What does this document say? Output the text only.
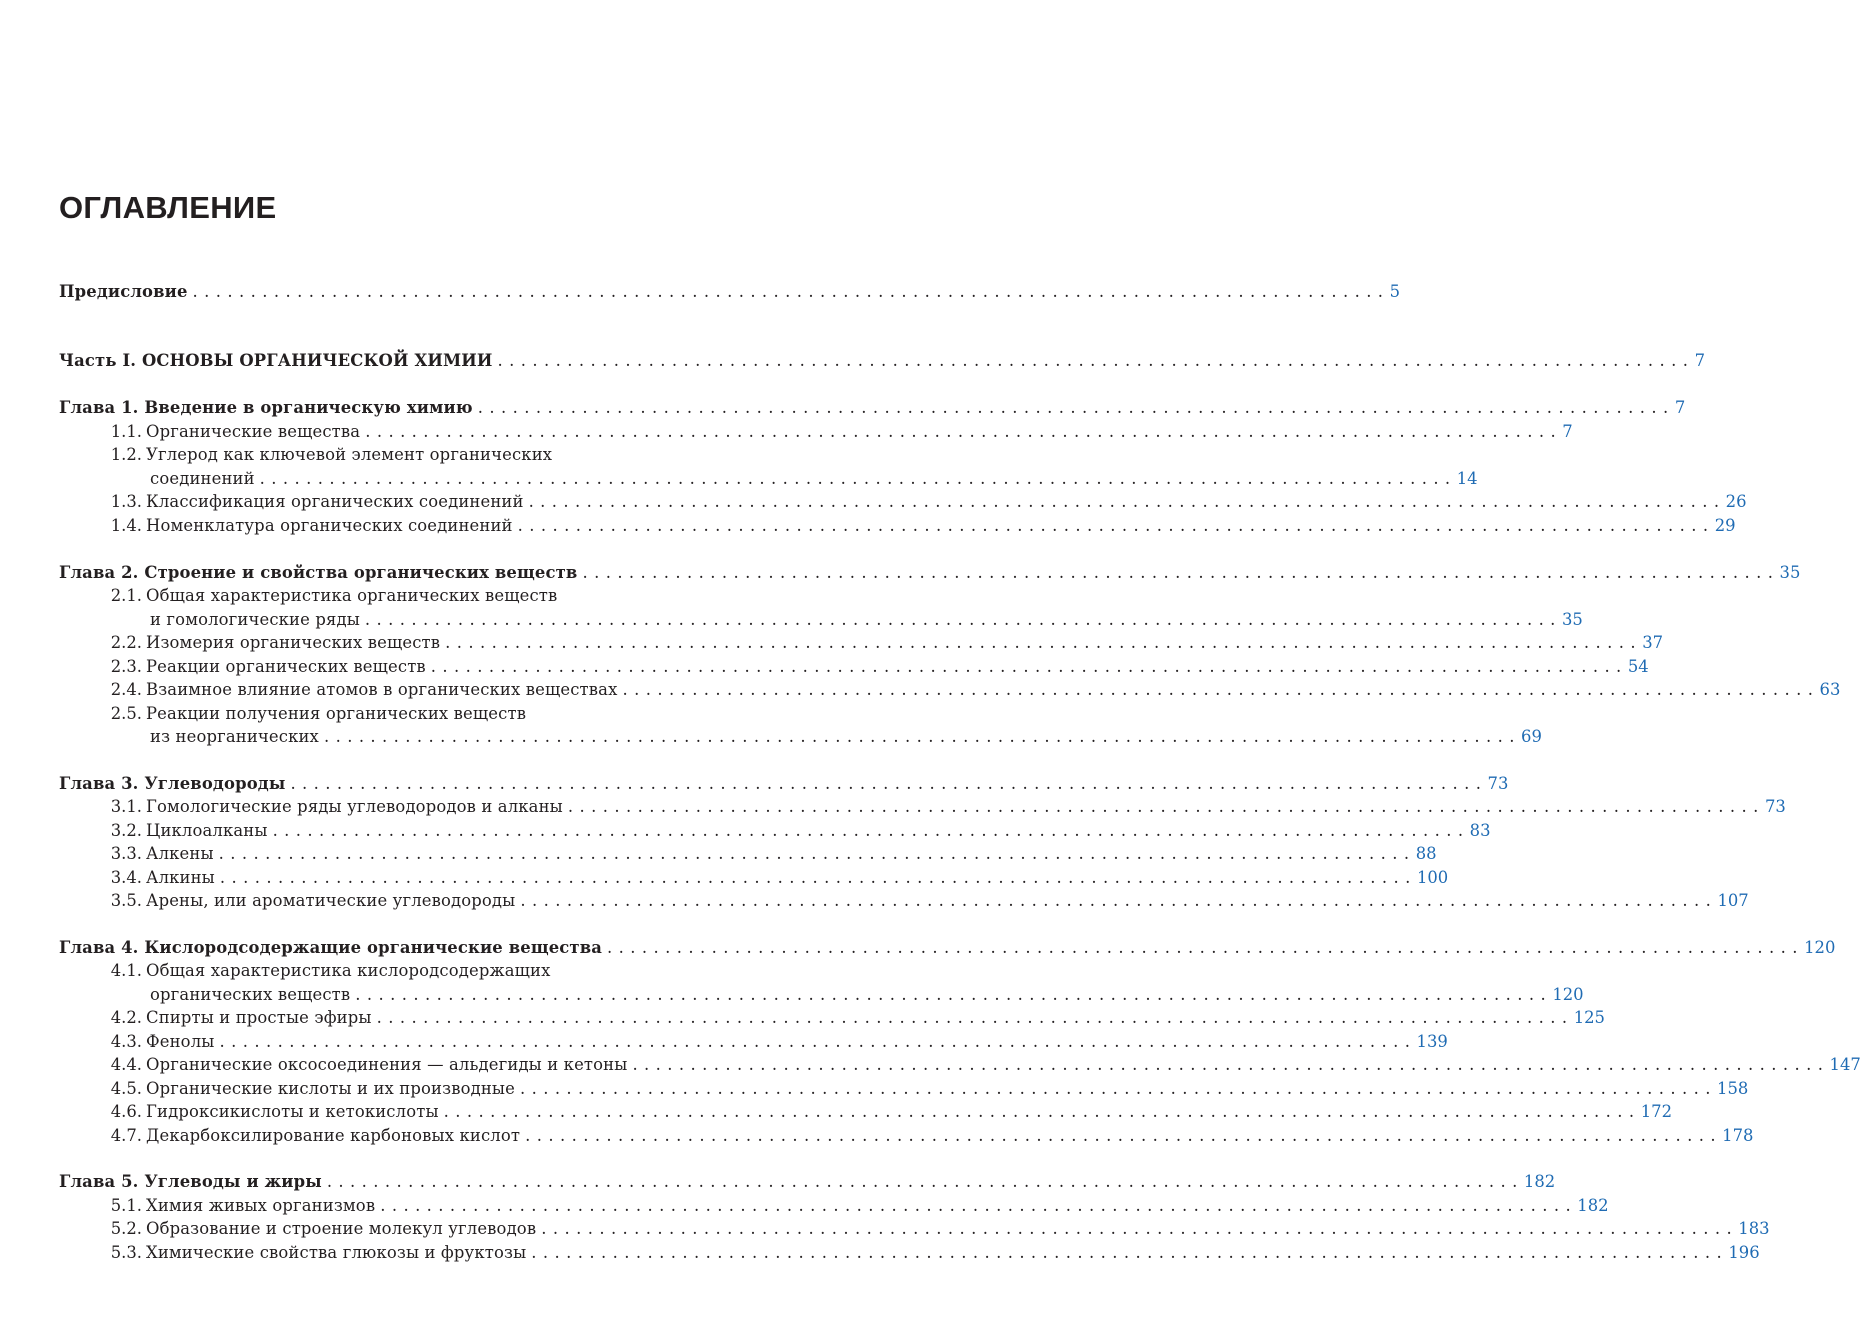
ОГЛАВЛЕНИЕ
Предисловие . . .	5
Часть I. ОСНОВЫ ОРГАНИЧЕСКОЙ ХИМИИ . . .	7
Глава 1. Введение в органическую химию . . .	7
1.1. Органические вещества . . .	7
1.2. Углерод как ключевой элемент органических
соединений . . .	14
1.3. Классификация органических соединений . . .	26
1.4. Номенклатура органических соединений . . .	29
Глава 2. Строение и свойства органических веществ . . .	35
2.1. Общая характеристика органических веществ
и гомологические ряды . . .	35
2.2. Изомерия органических веществ . . .	37
2.3. Реакции органических веществ . . .	54
2.4. Взаимное влияние атомов в органических веществах . . .	63
2.5. Реакции получения органических веществ
из неорганических . . .	69
Глава 3. Углеводороды . . .	73
3.1. Гомологические ряды углеводородов и алканы . . .	73
3.2. Циклоалканы . . .	83
3.3. Алкены . . .	88
3.4. Алкины . . .	100
3.5. Арены, или ароматические углеводороды . . .	107
Глава 4. Кислородсодержащие органические вещества . . .	120
4.1. Общая характеристика кислородсодержащих
органических веществ . . .	120
4.2. Спирты и простые эфиры . . .	125
4.3. Фенолы . . .	139
4.4. Органические оксосоединения — альдегиды и кетоны . . .	147
4.5. Органические кислоты и их производные . . .	158
4.6. Гидроксикислоты и кетокислоты . . .	172
4.7. Декарбоксилирование карбоновых кислот . . .	178
Глава 5. Углеводы и жиры . . .	182
5.1. Химия живых организмов . . .	182
5.2. Образование и строение молекул углеводов . . .	183
5.3. Химические свойства глюкозы и фруктозы . . .	196
